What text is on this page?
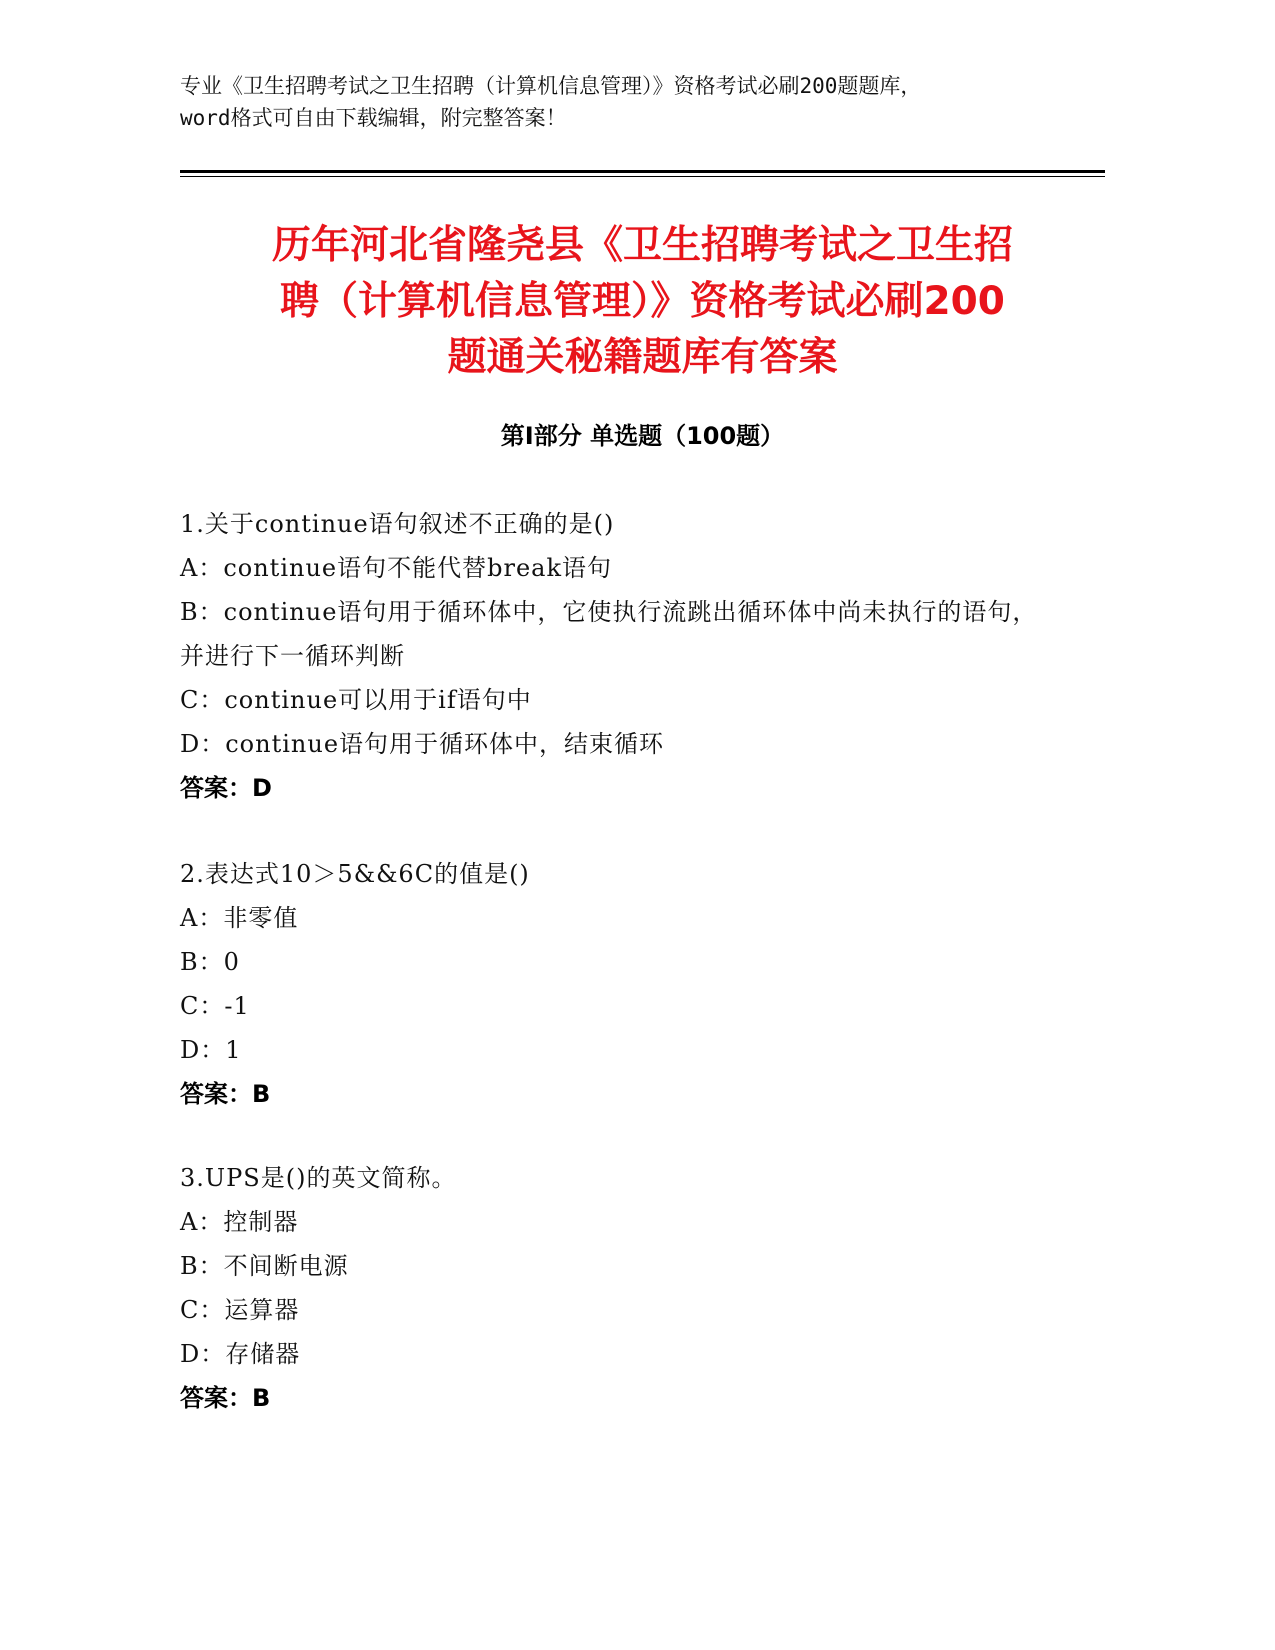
专业《卫生招聘考试之卫生招聘（计算机信息管理）》资格考试必刷200题题库，
word格式可自由下载编辑，附完整答案！
历年河北省隆尧县《卫生招聘考试之卫生招
聘（计算机信息管理）》资格考试必刷200
题通关秘籍题库有答案
第I部分 单选题（100题）
1.关于continue语句叙述不正确的是()
A：continue语句不能代替break语句
B：continue语句用于循环体中，它使执行流跳出循环体中尚未执行的语句，并进行下一循环判断
C：continue可以用于if语句中
D：continue语句用于循环体中，结束循环
答案：D
2.表达式10＞5&&6C的值是()
A：非零值
B：0
C：-1
D：1
答案：B
3.UPS是()的英文简称。
A：控制器
B：不间断电源
C：运算器
D：存储器
答案：B
